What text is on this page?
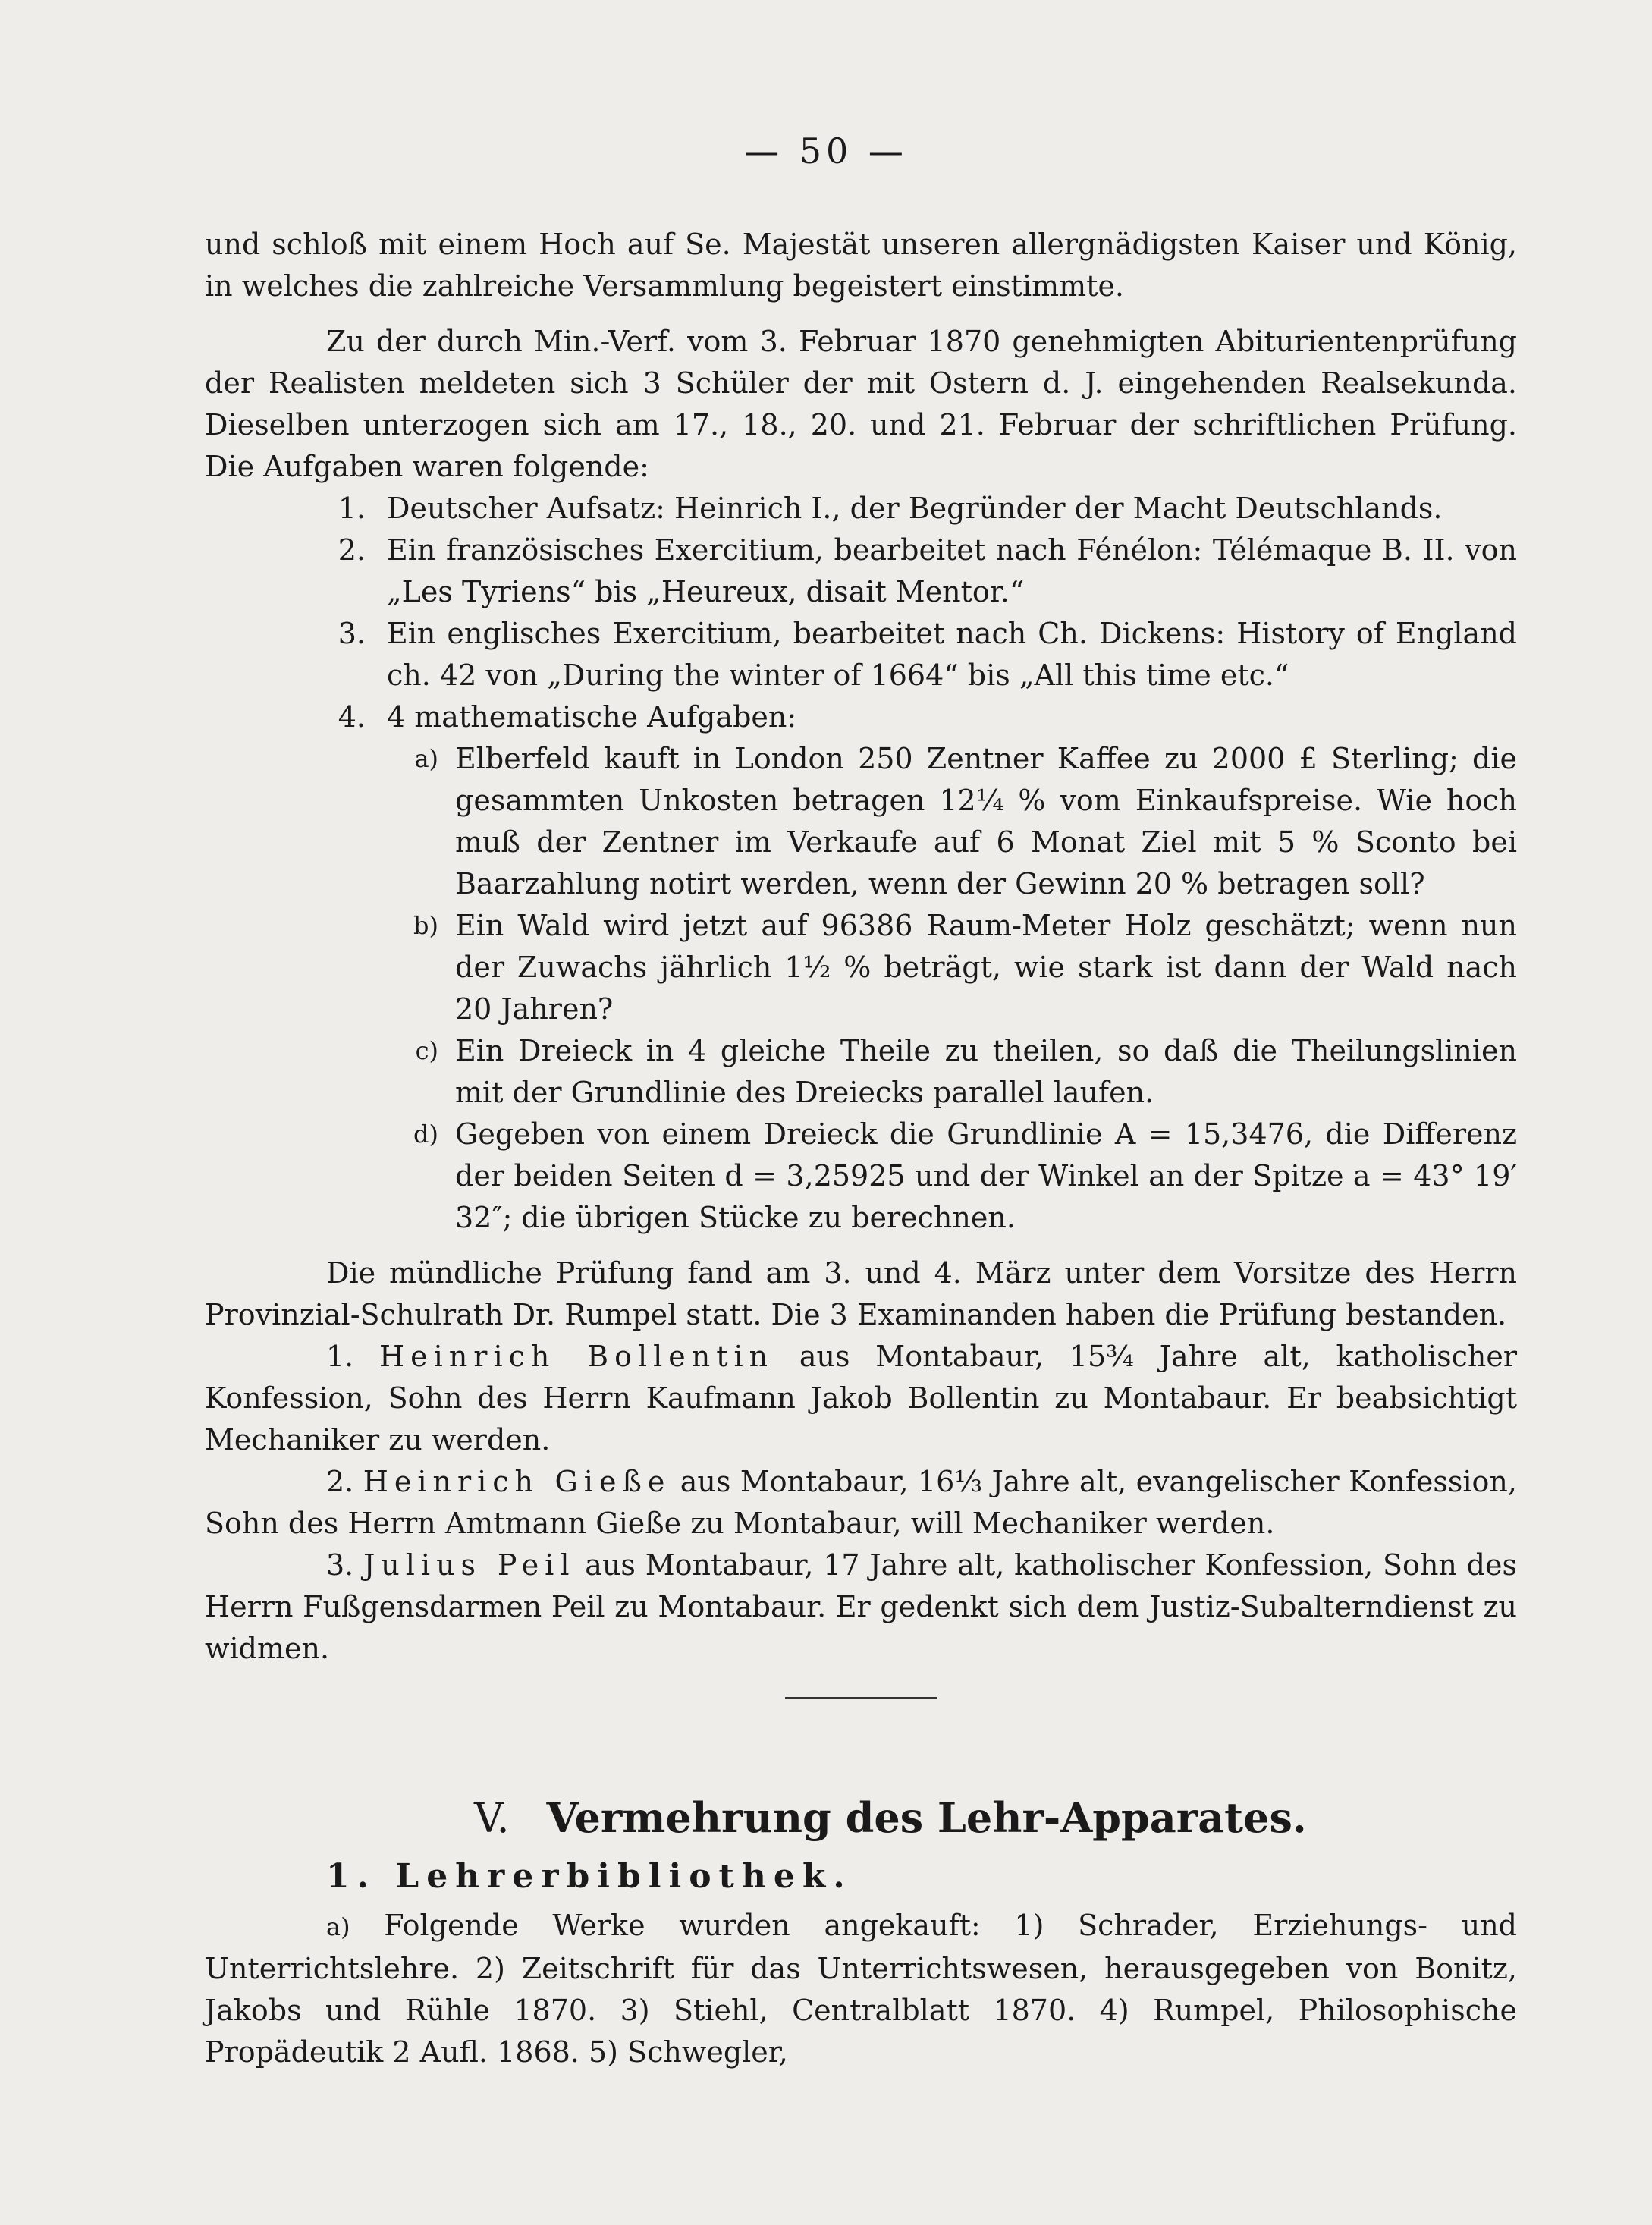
— 50 —

und schloß mit einem Hoch auf Se. Majestät unseren allergnädigsten Kaiser und König, in welches die zahlreiche Versammlung begeistert einstimmte.

Zu der durch Min.-Verf. vom 3. Februar 1870 genehmigten Abiturientenprüfung der Realisten meldeten sich 3 Schüler der mit Ostern d. J. eingehenden Realsekunda. Dieselben unterzogen sich am 17., 18., 20. und 21. Februar der schriftlichen Prüfung. Die Aufgaben waren folgende:

1. Deutscher Aufsatz: Heinrich I., der Begründer der Macht Deutschlands.
2. Ein französisches Exercitium, bearbeitet nach Fénélon: Télémaque B. II. von „Les Tyriens“ bis „Heureux, disait Mentor.“
3. Ein englisches Exercitium, bearbeitet nach Ch. Dickens: History of England ch. 42 von „During the winter of 1664“ bis „All this time etc.“
4. 4 mathematische Aufgaben:
a) Elberfeld kauft in London 250 Zentner Kaffee zu 2000 £ Sterling; die gesammten Unkosten betragen 12¼ % vom Einkaufspreise. Wie hoch muß der Zentner im Verkaufe auf 6 Monat Ziel mit 5 % Sconto bei Baarzahlung notirt werden, wenn der Gewinn 20 % betragen soll?
b) Ein Wald wird jetzt auf 96386 Raum-Meter Holz geschätzt; wenn nun der Zuwachs jährlich 1½ % beträgt, wie stark ist dann der Wald nach 20 Jahren?
c) Ein Dreieck in 4 gleiche Theile zu theilen, so daß die Theilungslinien mit der Grundlinie des Dreiecks parallel laufen.
d) Gegeben von einem Dreieck die Grundlinie A = 15,3476, die Differenz der beiden Seiten d = 3,25925 und der Winkel an der Spitze a = 43° 19′ 32″; die übrigen Stücke zu berechnen.

Die mündliche Prüfung fand am 3. und 4. März unter dem Vorsitze des Herrn Provinzial-Schulrath Dr. Rumpel statt. Die 3 Examinanden haben die Prüfung bestanden.

1. Heinrich Bollentin aus Montabaur, 15¾ Jahre alt, katholischer Konfession, Sohn des Herrn Kaufmann Jakob Bollentin zu Montabaur. Er beabsichtigt Mechaniker zu werden.

2. Heinrich Gieße aus Montabaur, 16⅓ Jahre alt, evangelischer Konfession, Sohn des Herrn Amtmann Gieße zu Montabaur, will Mechaniker werden.

3. Julius Peil aus Montabaur, 17 Jahre alt, katholischer Konfession, Sohn des Herrn Fußgensdarmen Peil zu Montabaur. Er gedenkt sich dem Justiz-Subalterndienst zu widmen.

V. Vermehrung des Lehr-Apparates.
1. Lehrerbibliothek.

a) Folgende Werke wurden angekauft: 1) Schrader, Erziehungs- und Unterrichtslehre. 2) Zeitschrift für das Unterrichtswesen, herausgegeben von Bonitz, Jakobs und Rühle 1870. 3) Stiehl, Centralblatt 1870. 4) Rumpel, Philosophische Propädeutik 2 Aufl. 1868. 5) Schwegler,
